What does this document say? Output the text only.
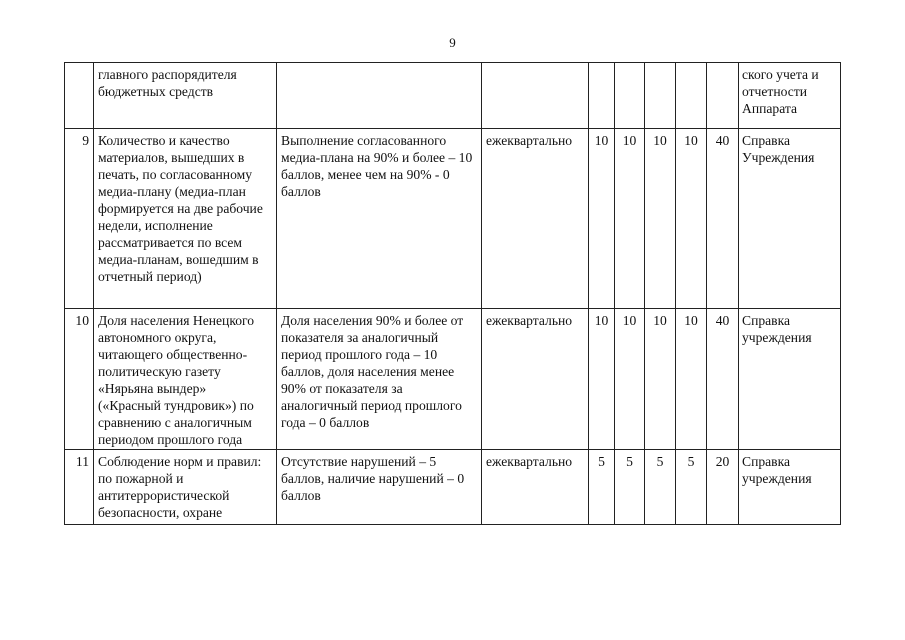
9
	главного распорядителя бюджетных средств								ского учета и отчетности Аппарата
9	Количество и качество материалов, вышедших в печать, по согласованному медиа-плану (медиа-план формируется на две рабочие недели, исполнение рассматривается по всем медиа-планам, вошедшим в отчетный период)	Выполнение согласованного медиа-плана на 90% и более – 10 баллов, менее чем на 90% - 0 баллов	ежеквартально	10	10	10	10	40	Справка Учреждения
10	Доля населения Ненецкого автономного округа, читающего общественно-политическую газету «Нярьяна вындер» («Красный тундровик») по сравнению с аналогичным периодом прошлого года	Доля населения 90% и более от показателя за аналогичный период прошлого года – 10 баллов, доля населения менее 90% от показателя за аналогичный период прошлого года – 0 баллов	ежеквартально	10	10	10	10	40	Справка учреждения
11	Соблюдение норм и правил: по пожарной и антитеррористической безопасности, охране	Отсутствие нарушений – 5 баллов, наличие нарушений – 0 баллов	ежеквартально	5	5	5	5	20	Справка учреждения
